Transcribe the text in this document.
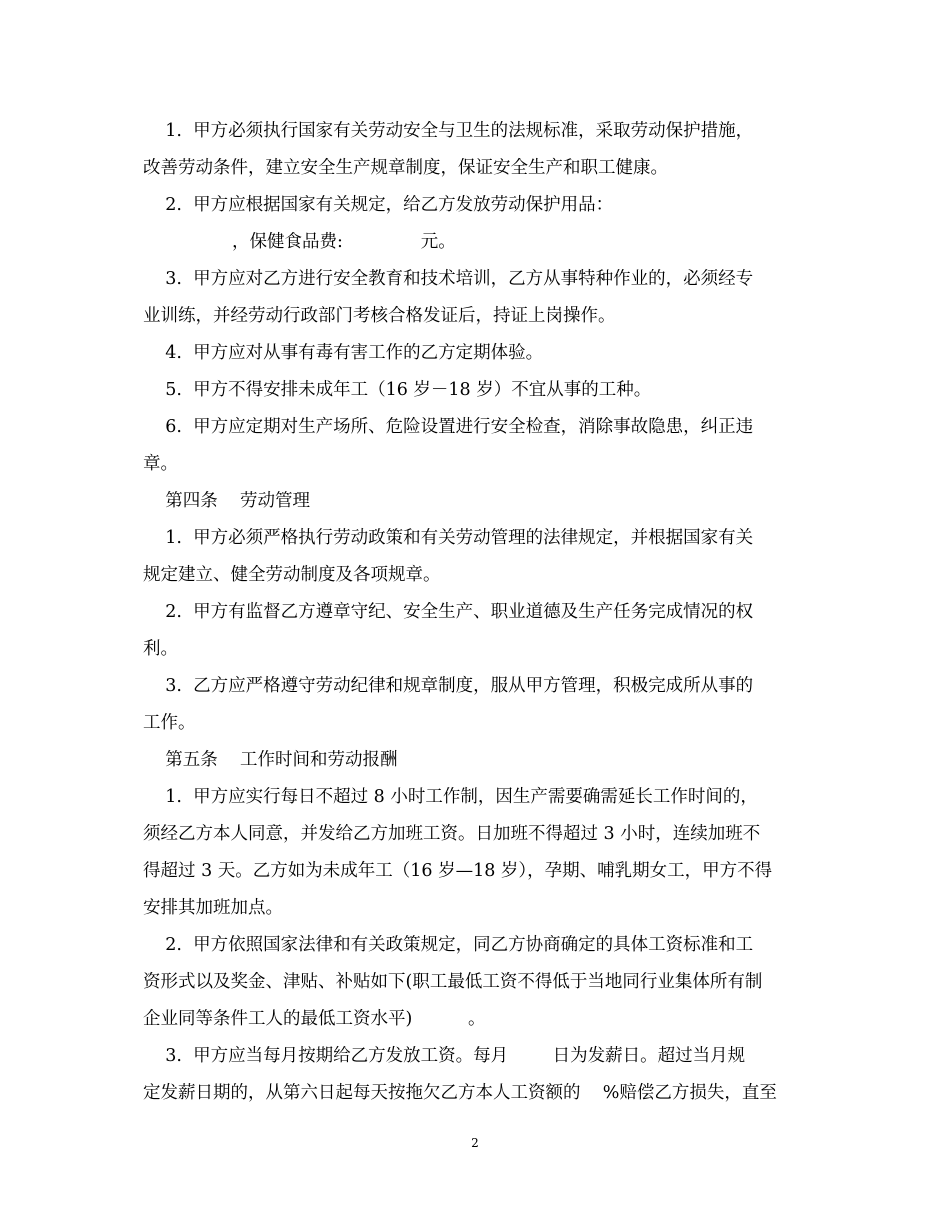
1.  甲方必须执行国家有关劳动安全与卫生的法规标准，采取劳动保护措施，
改善劳动条件，建立安全生产规章制度，保证安全生产和职工健康。
2.  甲方应根据国家有关规定，给乙方发放劳动保护用品：
，保健食品费:              元。
3.  甲方应对乙方进行安全教育和技术培训，乙方从事特种作业的，必须经专
业训练，并经劳动行政部门考核合格发证后，持证上岗操作。
4.  甲方应对从事有毒有害工作的乙方定期体验。
5.  甲方不得安排未成年工（16 岁－18 岁）不宜从事的工种。
6.  甲方应定期对生产场所、危险设置进行安全检查，消除事故隐患，纠正违
章。
第四条    劳动管理
1.  甲方必须严格执行劳动政策和有关劳动管理的法律规定，并根据国家有关
规定建立、健全劳动制度及各项规章。
2.  甲方有监督乙方遵章守纪、安全生产、职业道德及生产任务完成情况的权
利。
3.  乙方应严格遵守劳动纪律和规章制度，服从甲方管理，积极完成所从事的
工作。
第五条    工作时间和劳动报酬
1.  甲方应实行每日不超过 8 小时工作制，因生产需要确需延长工作时间的，
须经乙方本人同意，并发给乙方加班工资。日加班不得超过 3 小时，连续加班不
得超过 3 天。乙方如为未成年工（16 岁—18 岁），孕期、哺乳期女工，甲方不得
安排其加班加点。
2.  甲方依照国家法律和有关政策规定，同乙方协商确定的具体工资标准和工
资形式以及奖金、津贴、补贴如下(职工最低工资不得低于当地同行业集体所有制
企业同等条件工人的最低工资水平)          。
3.  甲方应当每月按期给乙方发放工资。每月        日为发薪日。超过当月规
定发薪日期的，从第六日起每天按拖欠乙方本人工资额的    %赔偿乙方损失，直至
2
